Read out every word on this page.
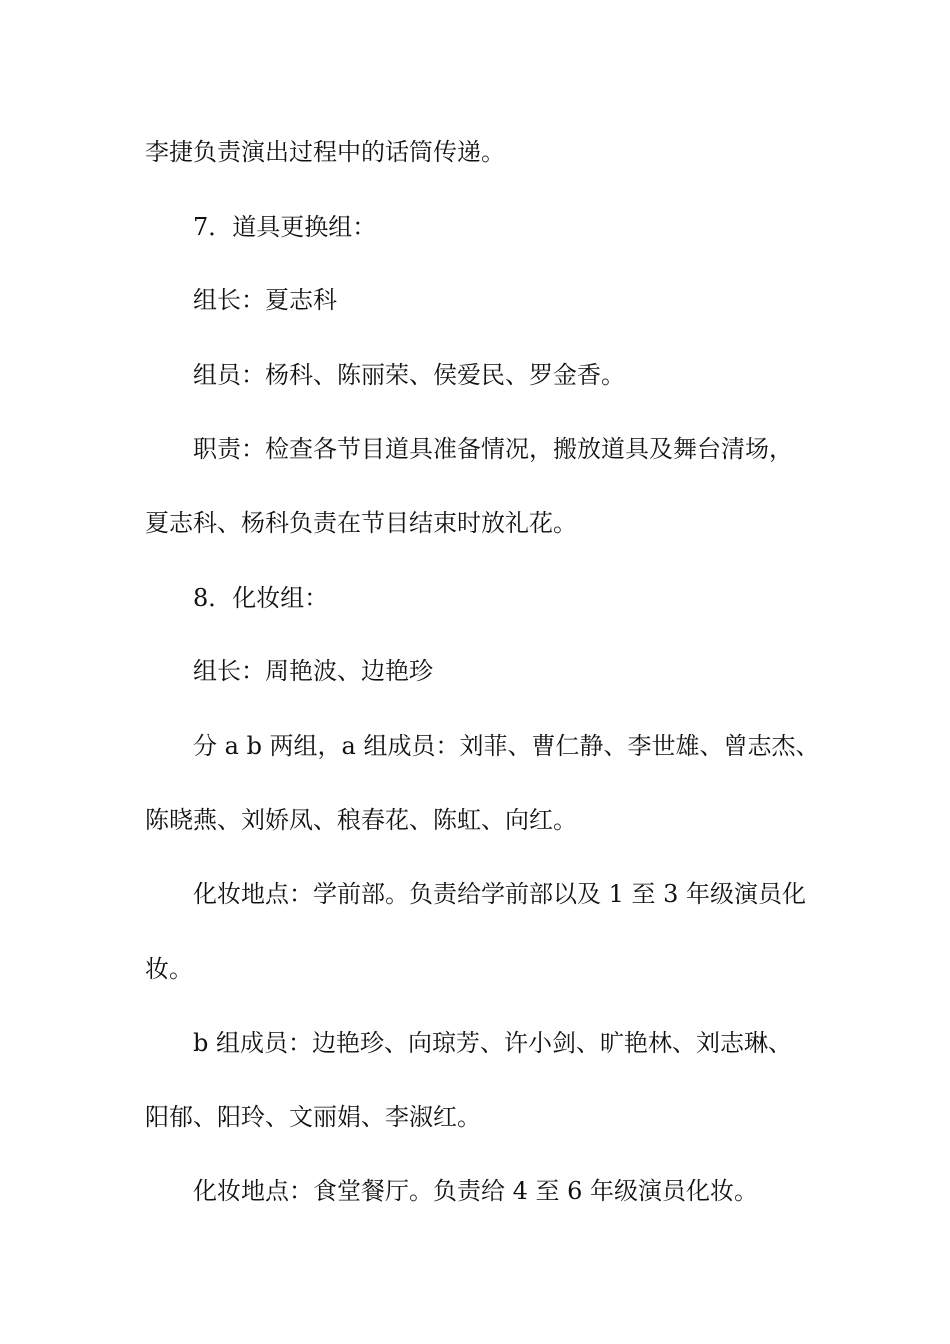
李捷负责演出过程中的话筒传递。
7．道具更换组：
组长：夏志科
组员：杨科、陈丽荣、侯爱民、罗金香。
职责：检查各节目道具准备情况，搬放道具及舞台清场，
夏志科、杨科负责在节目结束时放礼花。
8．化妆组：
组长：周艳波、边艳珍
分 a b 两组，a 组成员：刘菲、曹仁静、李世雄、曾志杰、
陈晓燕、刘娇凤、稂春花、陈虹、向红。
化妆地点：学前部。负责给学前部以及 1 至 3 年级演员化
妆。
b 组成员：边艳珍、向琼芳、许小剑、旷艳林、刘志琳、
阳郁、阳玲、文丽娟、李淑红。
化妆地点：食堂餐厅。负责给 4 至 6 年级演员化妆。
